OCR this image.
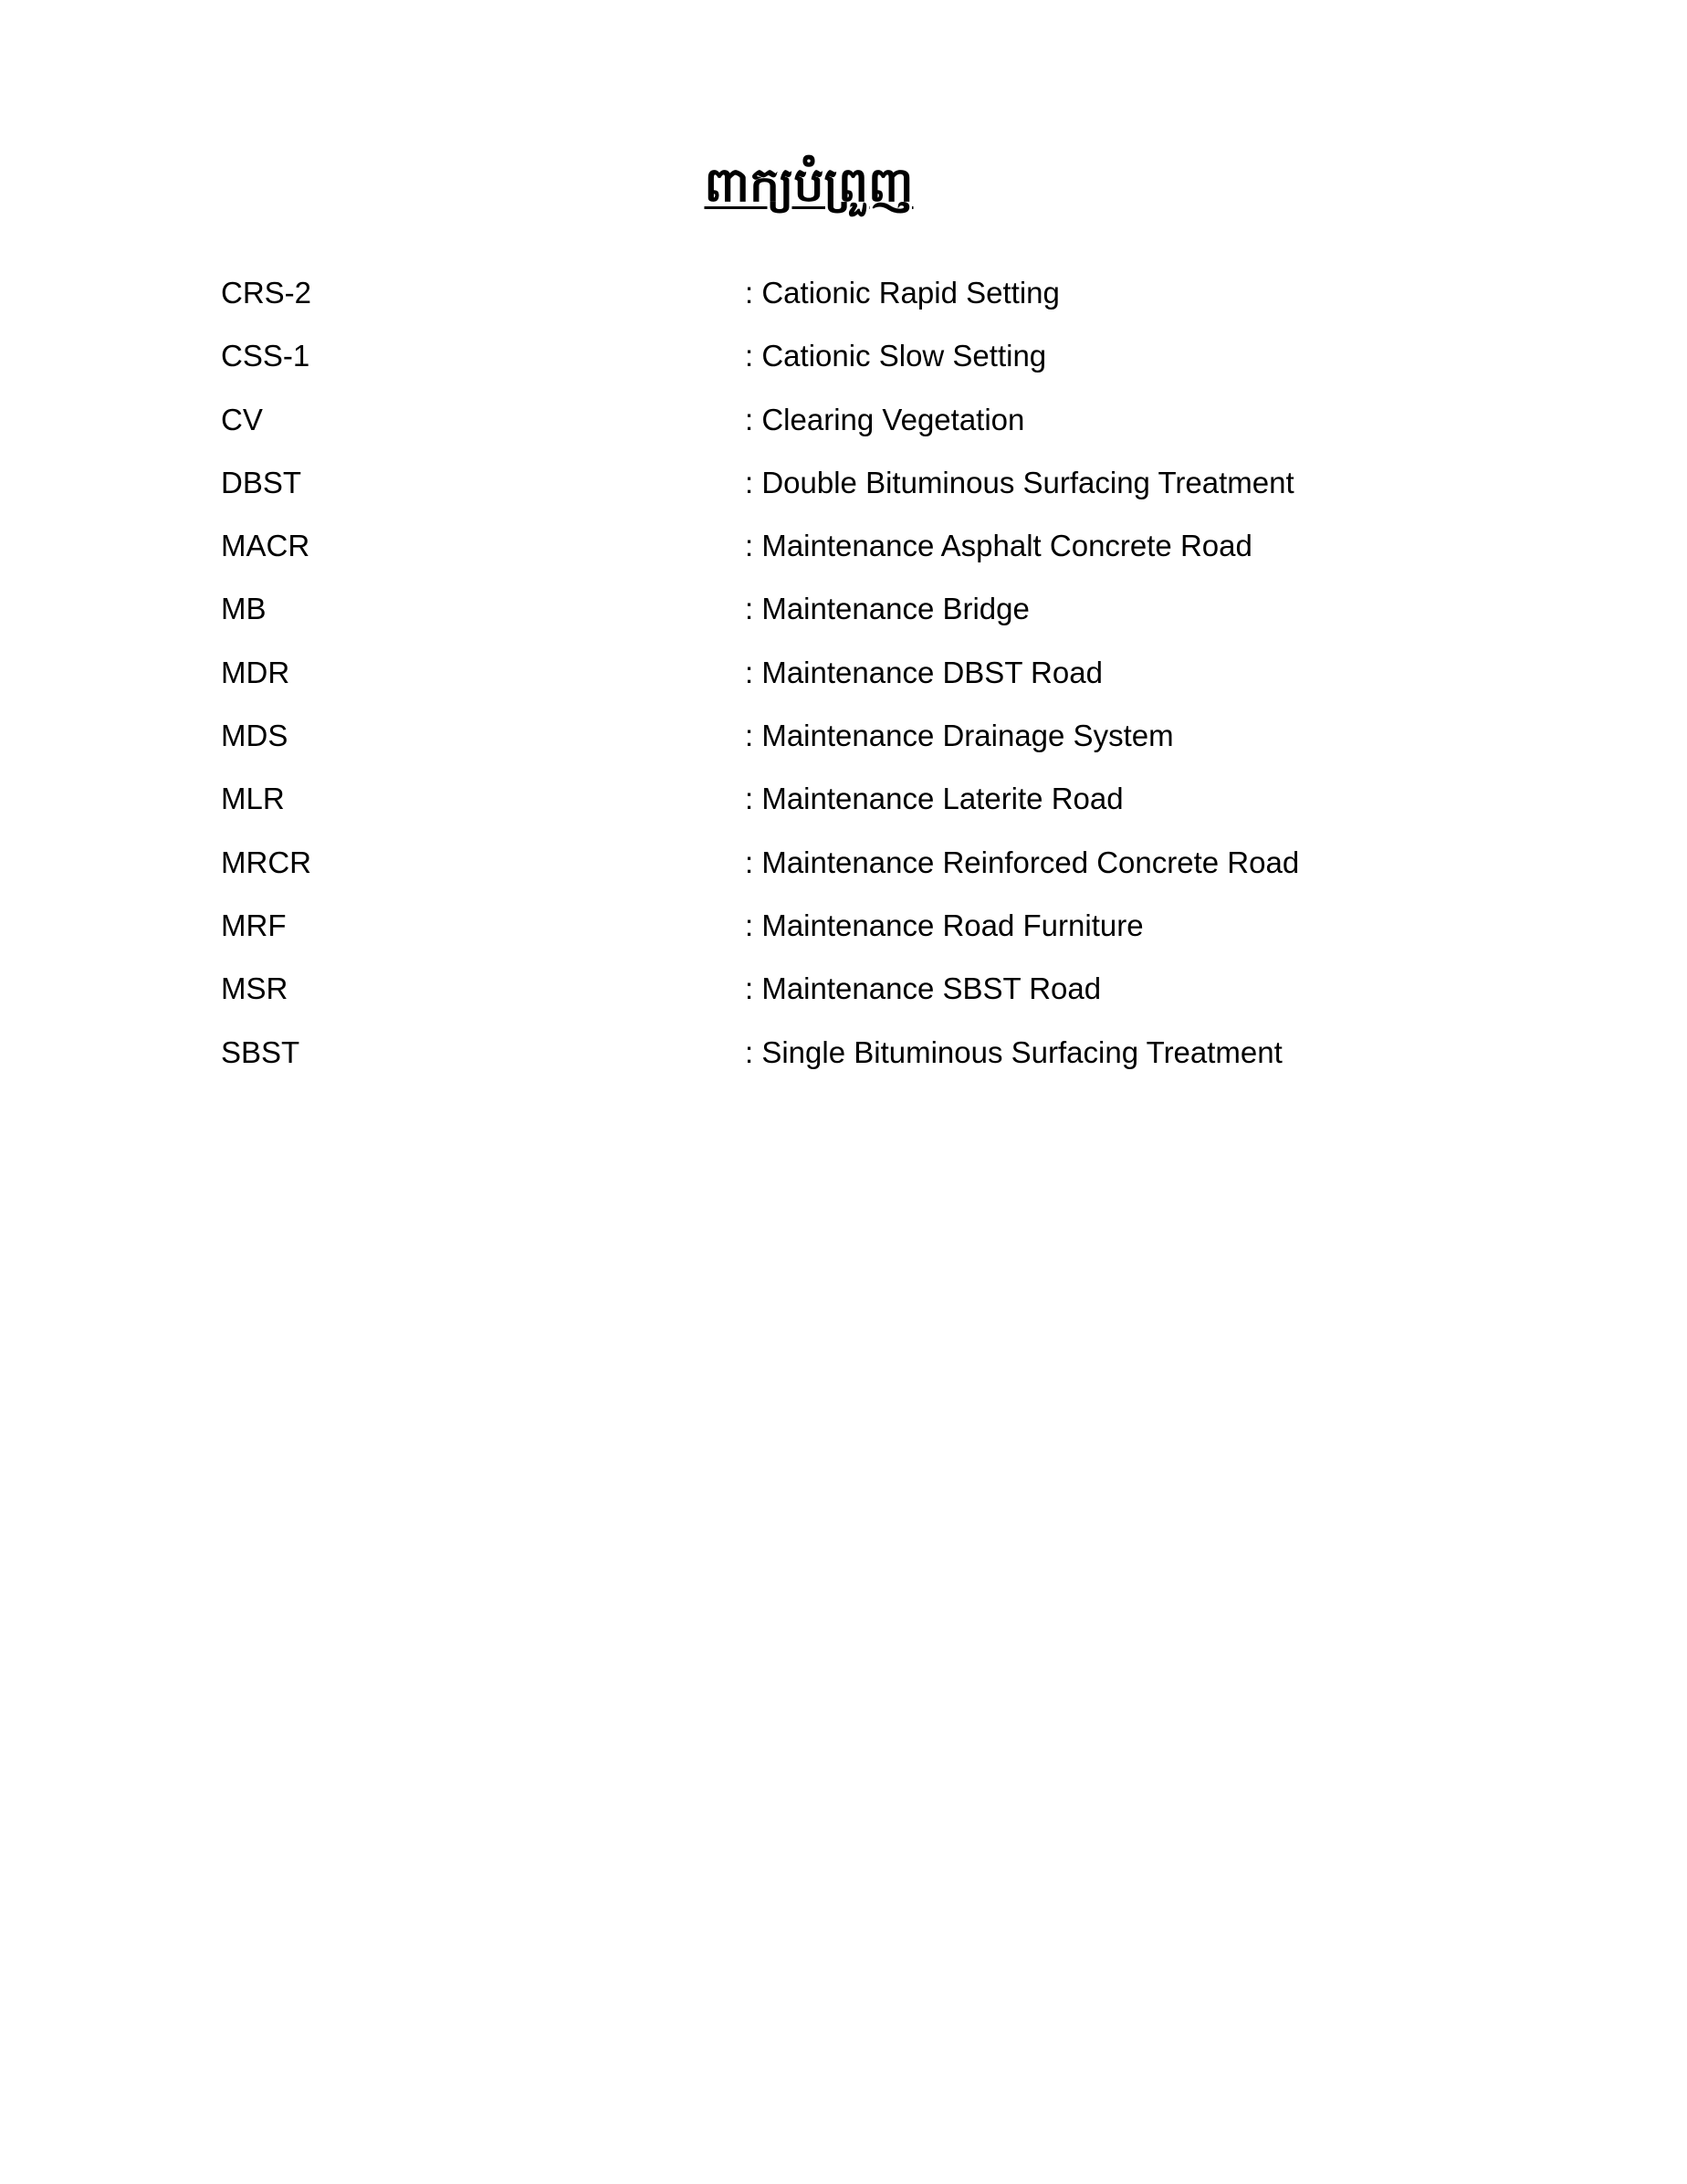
ពាក្យបំព្រួញ
CRS-2	: Cationic Rapid Setting
CSS-1	: Cationic Slow Setting
CV	: Clearing Vegetation
DBST	: Double Bituminous Surfacing Treatment
MACR	: Maintenance Asphalt Concrete Road
MB	: Maintenance Bridge
MDR	: Maintenance DBST Road
MDS	: Maintenance Drainage System
MLR	: Maintenance Laterite Road
MRCR	: Maintenance Reinforced Concrete Road
MRF	: Maintenance Road Furniture
MSR	: Maintenance SBST Road
SBST	: Single Bituminous Surfacing Treatment
